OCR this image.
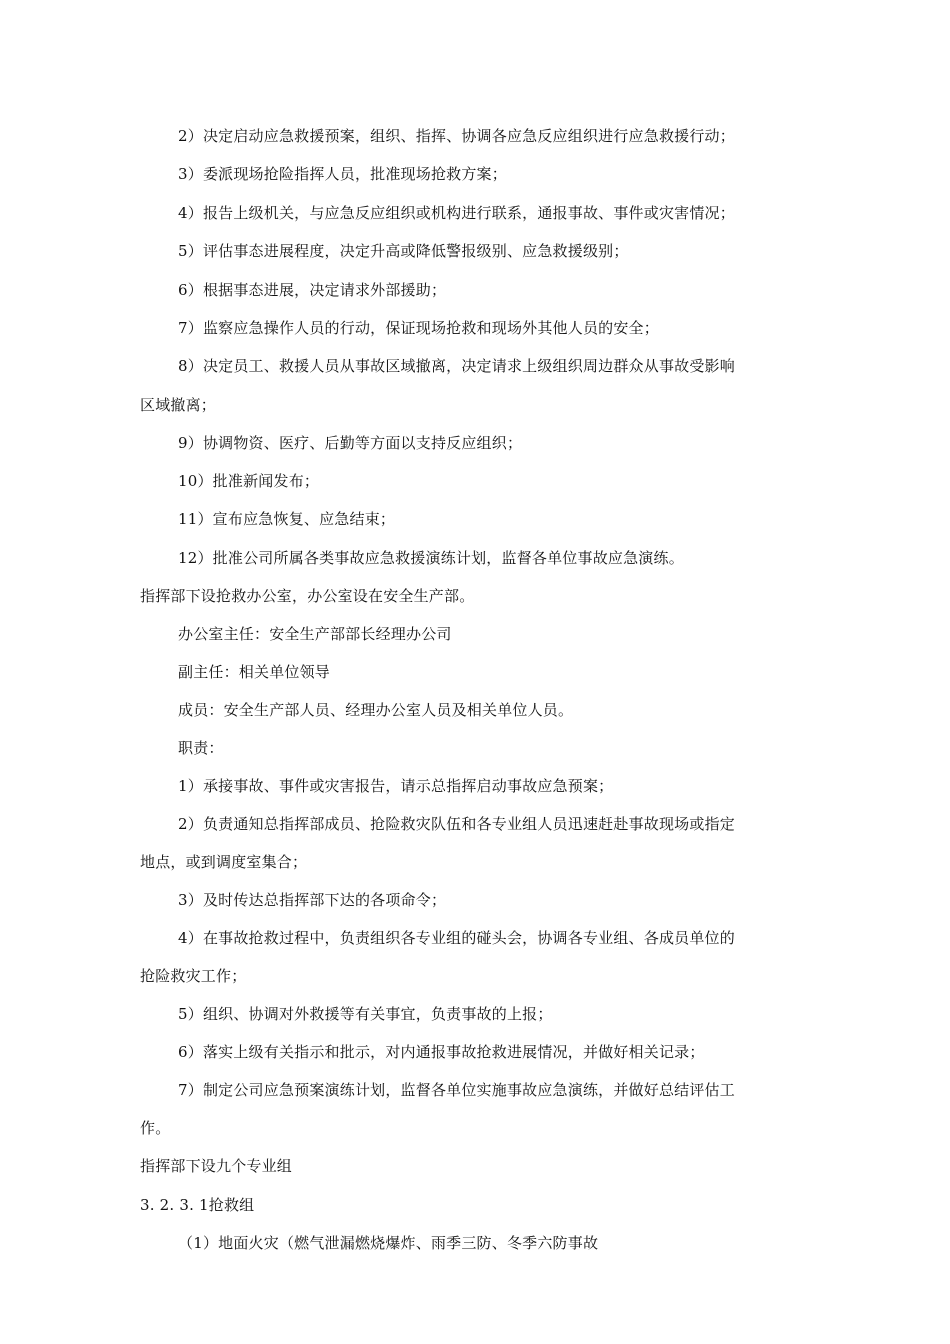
2）决定启动应急救援预案，组织、指挥、协调各应急反应组织进行应急救援行动；
3）委派现场抢险指挥人员，批准现场抢救方案；
4）报告上级机关，与应急反应组织或机构进行联系，通报事故、事件或灾害情况；
5）评估事态进展程度，决定升高或降低警报级别、应急救援级别；
6）根据事态进展，决定请求外部援助；
7）监察应急操作人员的行动，保证现场抢救和现场外其他人员的安全；
8）决定员工、救援人员从事故区域撤离，决定请求上级组织周边群众从事故受影响
区域撤离；
9）协调物资、医疗、后勤等方面以支持反应组织；
10）批准新闻发布；
11）宣布应急恢复、应急结束；
12）批准公司所属各类事故应急救援演练计划，监督各单位事故应急演练。
指挥部下设抢救办公室，办公室设在安全生产部。
办公室主任：安全生产部部长经理办公司
副主任：相关单位领导
成员：安全生产部人员、经理办公室人员及相关单位人员。
职责：
1）承接事故、事件或灾害报告，请示总指挥启动事故应急预案；
2）负责通知总指挥部成员、抢险救灾队伍和各专业组人员迅速赶赴事故现场或指定
地点，或到调度室集合；
3）及时传达总指挥部下达的各项命令；
4）在事故抢救过程中，负责组织各专业组的碰头会，协调各专业组、各成员单位的
抢险救灾工作；
5）组织、协调对外救援等有关事宜，负责事故的上报；
6）落实上级有关指示和批示，对内通报事故抢救进展情况，并做好相关记录；
7）制定公司应急预案演练计划，监督各单位实施事故应急演练，并做好总结评估工
作。
指挥部下设九个专业组
3. 2. 3. 1抢救组
（1）地面火灾（燃气泄漏燃烧爆炸、雨季三防、冬季六防事故
